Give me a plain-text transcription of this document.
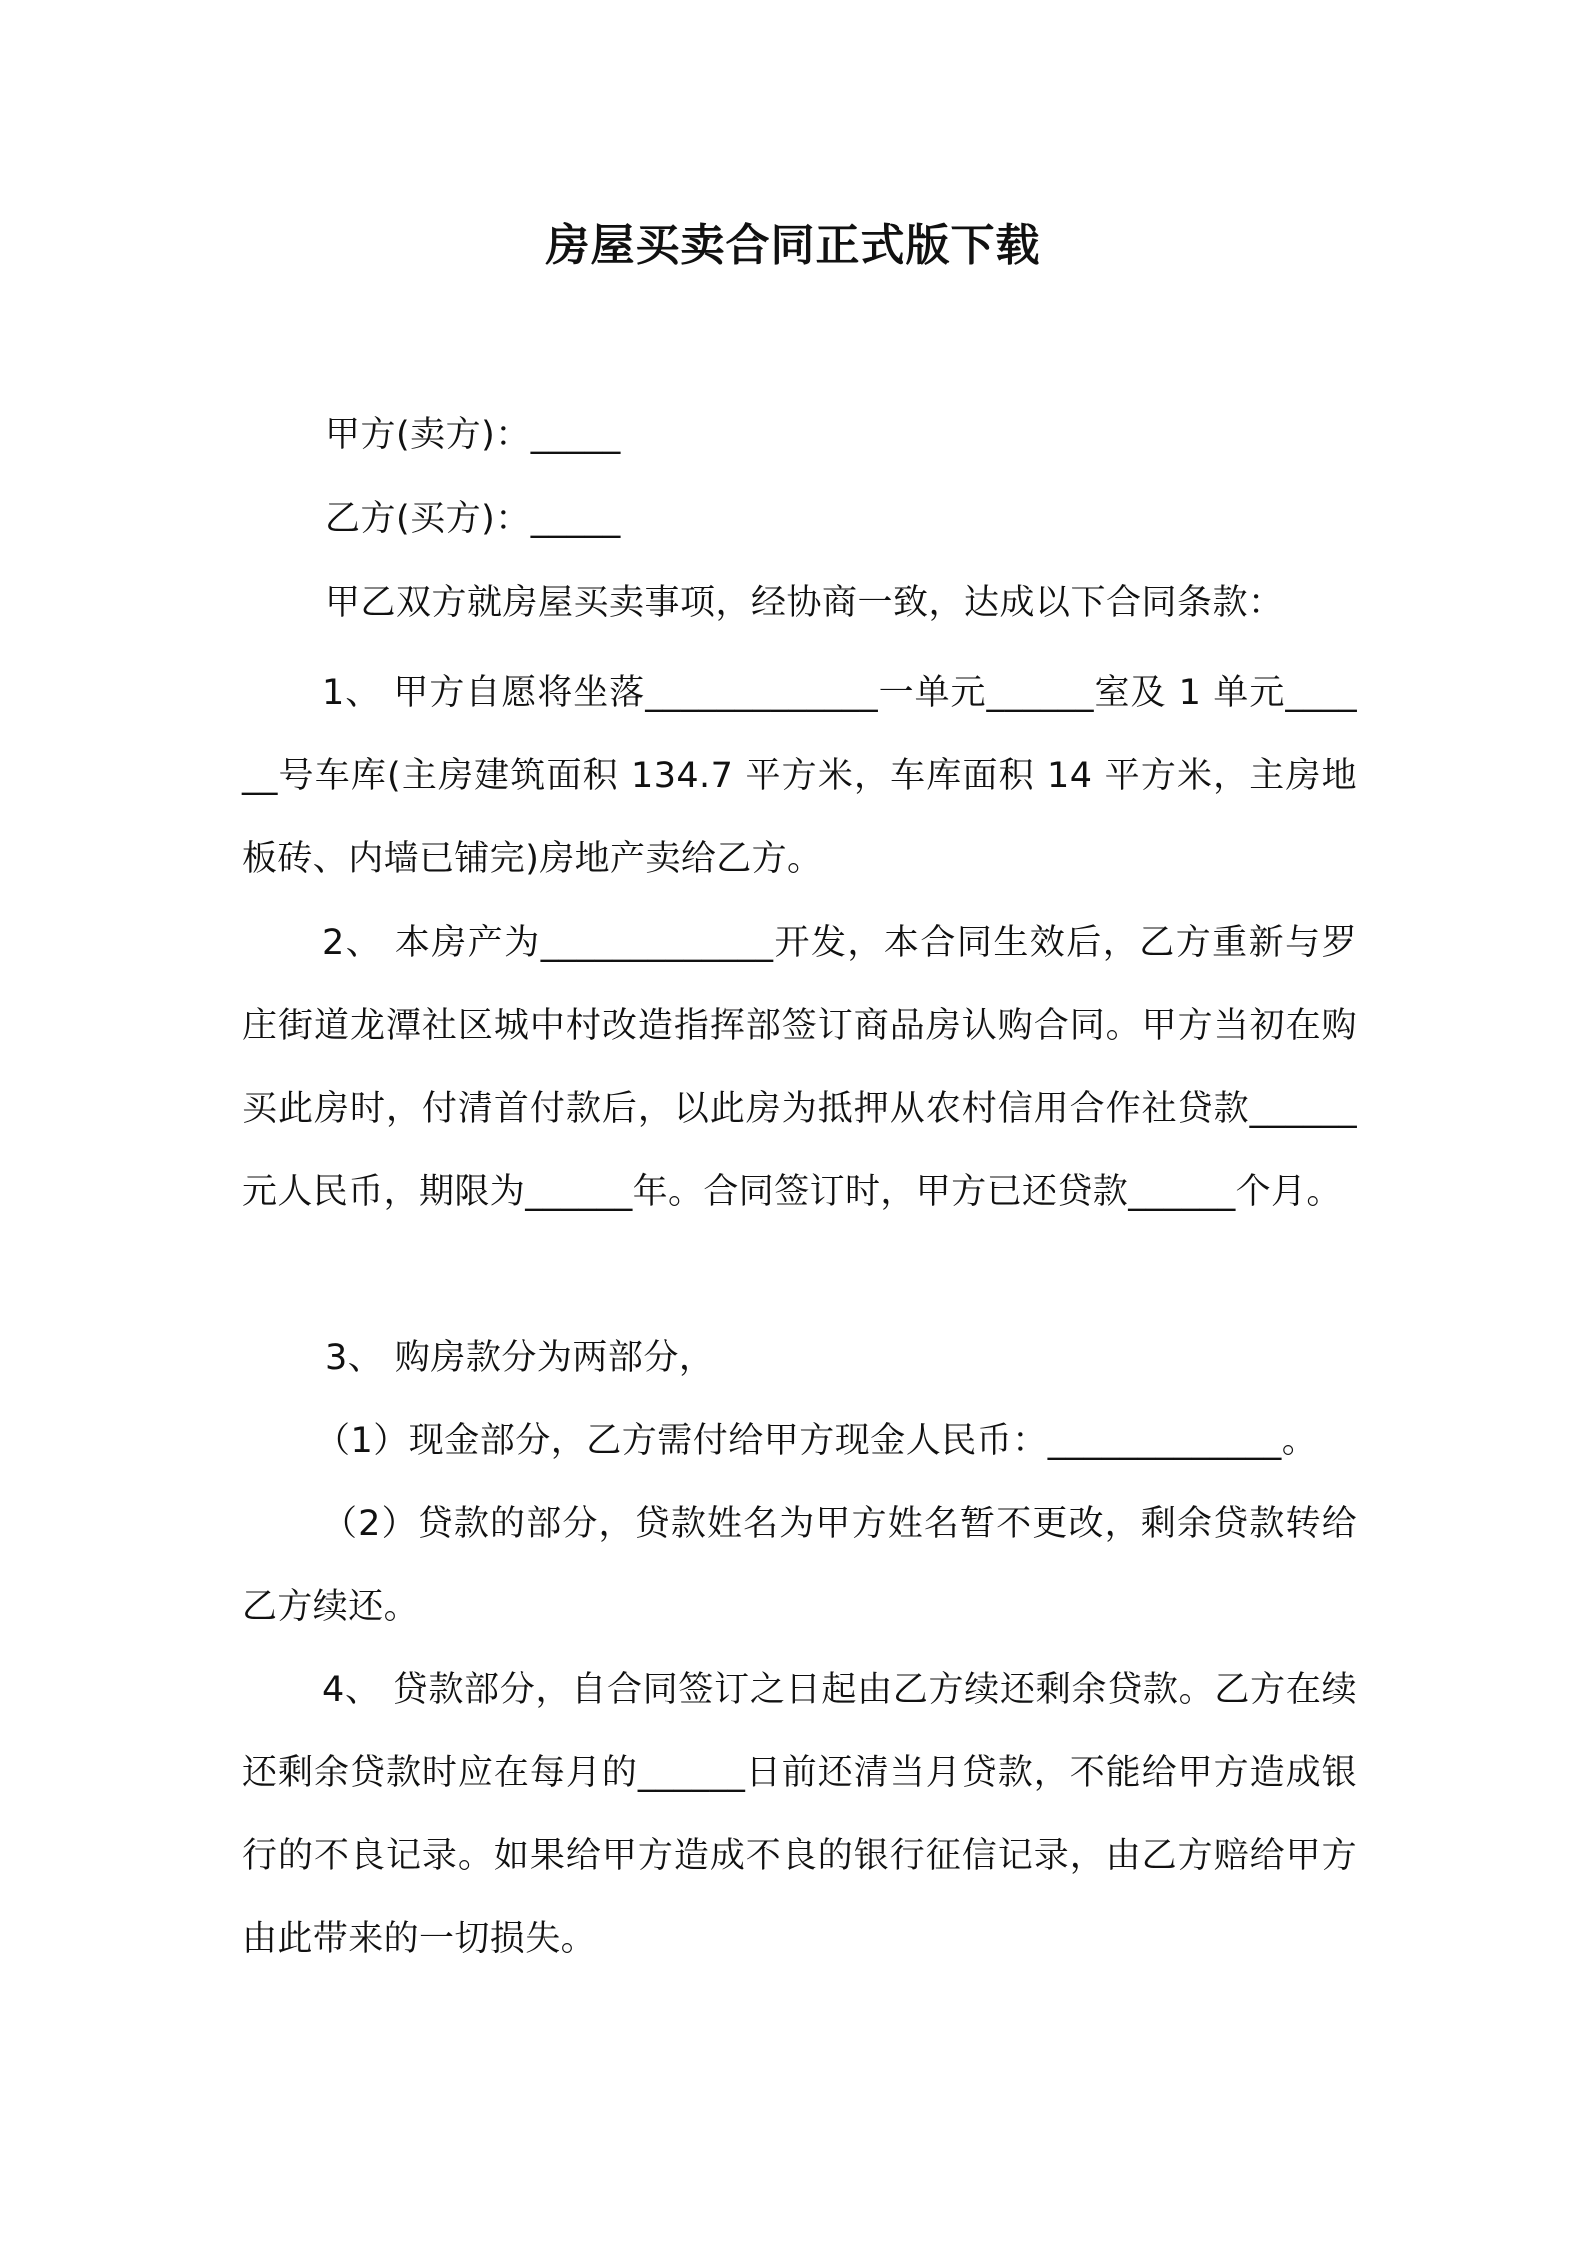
房屋买卖合同正式版下载
甲方(卖方)：_____
乙方(买方)：_____
甲乙双方就房屋买卖事项，经协商一致，达成以下合同条款：
1、 甲方自愿将坐落_____________一单元______室及 1 单元______号车库(主房建筑面积 134.7 平方米，车库面积 14 平方米，主房地板砖、内墙已铺完)房地产卖给乙方。
2、 本房产为_____________开发，本合同生效后，乙方重新与罗庄街道龙潭社区城中村改造指挥部签订商品房认购合同。甲方当初在购买此房时，付清首付款后，以此房为抵押从农村信用合作社贷款______元人民币，期限为______年。合同签订时，甲方已还贷款______个月。
3、 购房款分为两部分，
（1）现金部分，乙方需付给甲方现金人民币：_____________。
（2）贷款的部分，贷款姓名为甲方姓名暂不更改，剩余贷款转给乙方续还。
4、 贷款部分，自合同签订之日起由乙方续还剩余贷款。乙方在续还剩余贷款时应在每月的______日前还清当月贷款，不能给甲方造成银行的不良记录。如果给甲方造成不良的银行征信记录，由乙方赔给甲方由此带来的一切损失。
